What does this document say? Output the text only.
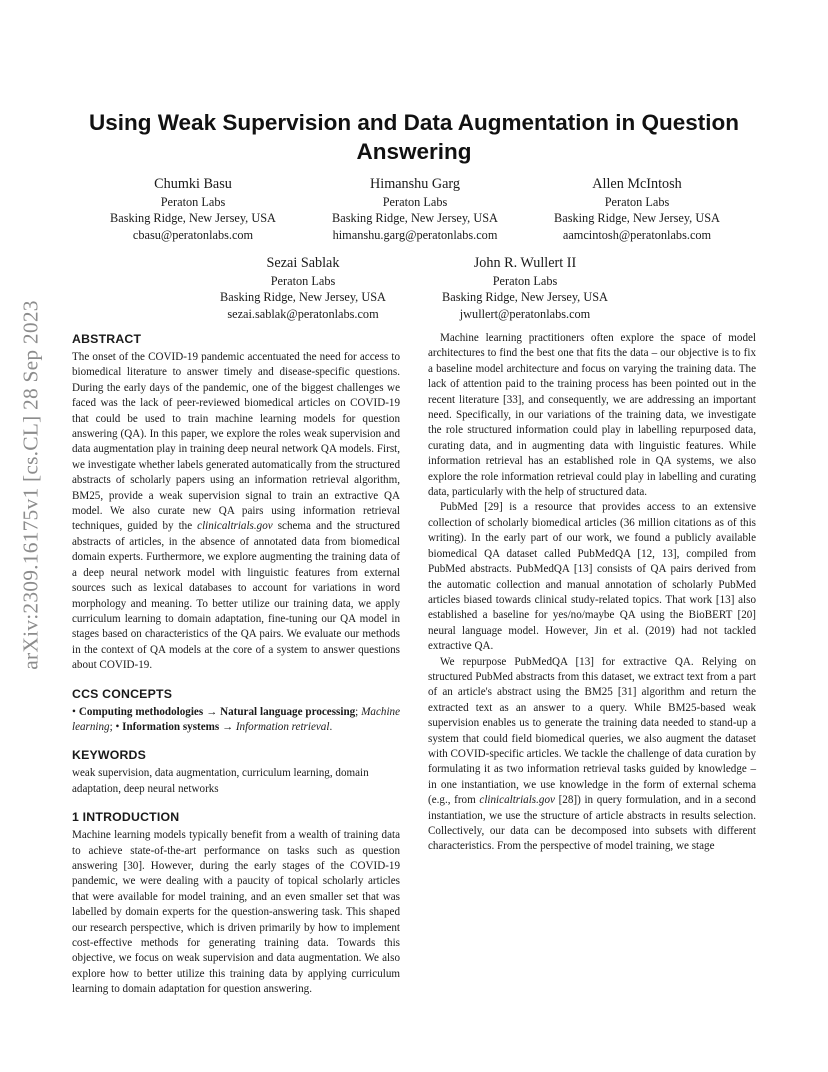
arXiv:2309.16175v1 [cs.CL] 28 Sep 2023
Using Weak Supervision and Data Augmentation in Question
Answering
Chumki Basu
Peraton Labs
Basking Ridge, New Jersey, USA
cbasu@peratonlabs.com
Himanshu Garg
Peraton Labs
Basking Ridge, New Jersey, USA
himanshu.garg@peratonlabs.com
Allen McIntosh
Peraton Labs
Basking Ridge, New Jersey, USA
aamcintosh@peratonlabs.com
Sezai Sablak
Peraton Labs
Basking Ridge, New Jersey, USA
sezai.sablak@peratonlabs.com
John R. Wullert II
Peraton Labs
Basking Ridge, New Jersey, USA
jwullert@peratonlabs.com
ABSTRACT

The onset of the COVID-19 pandemic accentuated the need for access to biomedical literature to answer timely and disease-specific questions. During the early days of the pandemic, one of the biggest challenges we faced was the lack of peer-reviewed biomedical articles on COVID-19 that could be used to train machine learning models for question answering (QA). In this paper, we explore the roles weak supervision and data augmentation play in training deep neural network QA models. First, we investigate whether labels generated automatically from the structured abstracts of scholarly papers using an information retrieval algorithm, BM25, provide a weak supervision signal to train an extractive QA model. We also curate new QA pairs using information retrieval techniques, guided by the clinicaltrials.gov schema and the structured abstracts of articles, in the absence of annotated data from biomedical domain experts. Furthermore, we explore augmenting the training data of a deep neural network model with linguistic features from external sources such as lexical databases to account for variations in word morphology and meaning. To better utilize our training data, we apply curriculum learning to domain adaptation, fine-tuning our QA model in stages based on characteristics of the QA pairs. We evaluate our methods in the context of QA models at the core of a system to answer questions about COVID-19.

CCS CONCEPTS

• Computing methodologies → Natural language processing; Machine learning; • Information systems → Information retrieval.

KEYWORDS

weak supervision, data augmentation, curriculum learning, domain adaptation, deep neural networks

1 INTRODUCTION

Machine learning models typically benefit from a wealth of training data to achieve state-of-the-art performance on tasks such as question answering [30]. However, during the early stages of the COVID-19 pandemic, we were dealing with a paucity of topical scholarly articles that were available for model training, and an even smaller set that was labelled by domain experts for the question-answering task. This shaped our research perspective, which is driven primarily by how to implement cost-effective methods for generating training data. Towards this objective, we focus on weak supervision and data augmentation. We also explore how to better utilize this training data by applying curriculum learning to domain adaptation for question answering.

Machine learning practitioners often explore the space of model architectures to find the best one that fits the data – our objective is to fix a baseline model architecture and focus on varying the training data. The lack of attention paid to the training process has been pointed out in the recent literature [33], and consequently, we are addressing an important need. Specifically, in our variations of the training data, we investigate the role structured information could play in labelling repurposed data, curating data, and in augmenting data with linguistic features. While information retrieval has an established role in QA systems, we also explore the role information retrieval could play in labelling and curating data, particularly with the help of structured data.

PubMed [29] is a resource that provides access to an extensive collection of scholarly biomedical articles (36 million citations as of this writing). In the early part of our work, we found a publicly available biomedical QA dataset called PubMedQA [12, 13], compiled from PubMed abstracts. PubMedQA [13] consists of QA pairs derived from the automatic collection and manual annotation of scholarly PubMed articles biased towards clinical study-related topics. That work [13] also established a baseline for yes/no/maybe QA using the BioBERT [20] neural language model. However, Jin et al. (2019) had not tackled extractive QA.

We repurpose PubMedQA [13] for extractive QA. Relying on structured PubMed abstracts from this dataset, we extract text from a part of an article's abstract using the BM25 [31] algorithm and return the extracted text as an answer to a query. While BM25-based weak supervision enables us to generate the training data needed to stand-up a system that could field biomedical queries, we also augment the dataset with COVID-specific articles. We tackle the challenge of data curation by formulating it as two information retrieval tasks guided by knowledge – in one instantiation, we use knowledge in the form of external schema (e.g., from clinicaltrials.gov [28]) in query formulation, and in a second instantiation, we use the structure of article abstracts in results selection. Collectively, our data can be decomposed into subsets with different characteristics. From the perspective of model training, we stage
